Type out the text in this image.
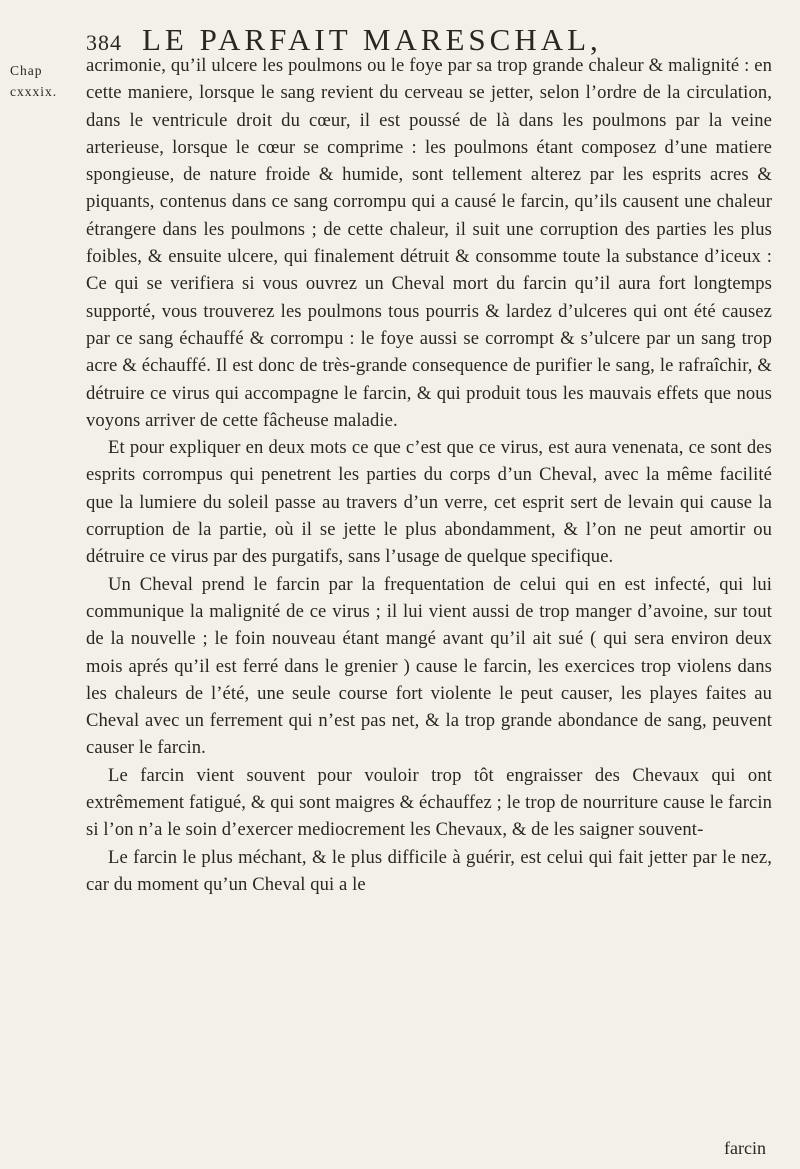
384 LE PARFAIT MARESCHAL,
Chap
cxxxix.

acrimonie, qu’il ulcere les poulmons ou le foye par sa trop grande chaleur & malignité : en cette maniere, lorsque le sang revient du cerveau se jetter, selon l’ordre de la circulation, dans le ventricule droit du cœur, il est poussé de là dans les poulmons par la veine arterieuse, lorsque le cœur se comprime : les poulmons étant composez d’une matiere spongieuse, de nature froide & humide, sont tellement alterez par les esprits acres & piquants, contenus dans ce sang corrompu qui a causé le farcin, qu’ils causent une chaleur étrangere dans les poulmons ; de cette chaleur, il suit une corruption des parties les plus foibles, & ensuite ulcere, qui finalement détruit & consomme toute la substance d’iceux : Ce qui se verifiera si vous ouvrez un Cheval mort du farcin qu’il aura fort longtemps supporté, vous trouverez les poulmons tous pourris & lardez d’ulceres qui ont été causez par ce sang échauffé & corrompu : le foye aussi se corrompt & s’ulcere par un sang trop acre & échauffé. Il est donc de très-grande consequence de purifier le sang, le rafraîchir, & détruire ce virus qui accompagne le farcin, & qui produit tous les mauvais effets que nous voyons arriver de cette fâcheuse maladie.

Et pour expliquer en deux mots ce que c’est que ce virus, est aura venenata, ce sont des esprits corrompus qui penetrent les parties du corps d’un Cheval, avec la même facilité que la lumiere du soleil passe au travers d’un verre, cet esprit sert de levain qui cause la corruption de la partie, où il se jette le plus abondamment, & l’on ne peut amortir ou détruire ce virus par des purgatifs, sans l’usage de quelque specifique.

Un Cheval prend le farcin par la frequentation de celui qui en est infecté, qui lui communique la malignité de ce virus ; il lui vient aussi de trop manger d’avoine, sur tout de la nouvelle ; le foin nouveau étant mangé avant qu’il ait sué ( qui sera environ deux mois aprés qu’il est ferré dans le grenier ) cause le farcin, les exercices trop violens dans les chaleurs de l’été, une seule course fort violente le peut causer, les playes faites au Cheval avec un ferrement qui n’est pas net, & la trop grande abondance de sang, peuvent causer le farcin.

Le farcin vient souvent pour vouloir trop tôt engraisser des Chevaux qui ont extrêmement fatigué, & qui sont maigres & échauffez ; le trop de nourriture cause le farcin si l’on n’a le soin d’exercer mediocrement les Chevaux, & de les saigner souvent-

Le farcin le plus méchant, & le plus difficile à guérir, est celui qui fait jetter par le nez, car du moment qu’un Cheval qui a le

farcin
